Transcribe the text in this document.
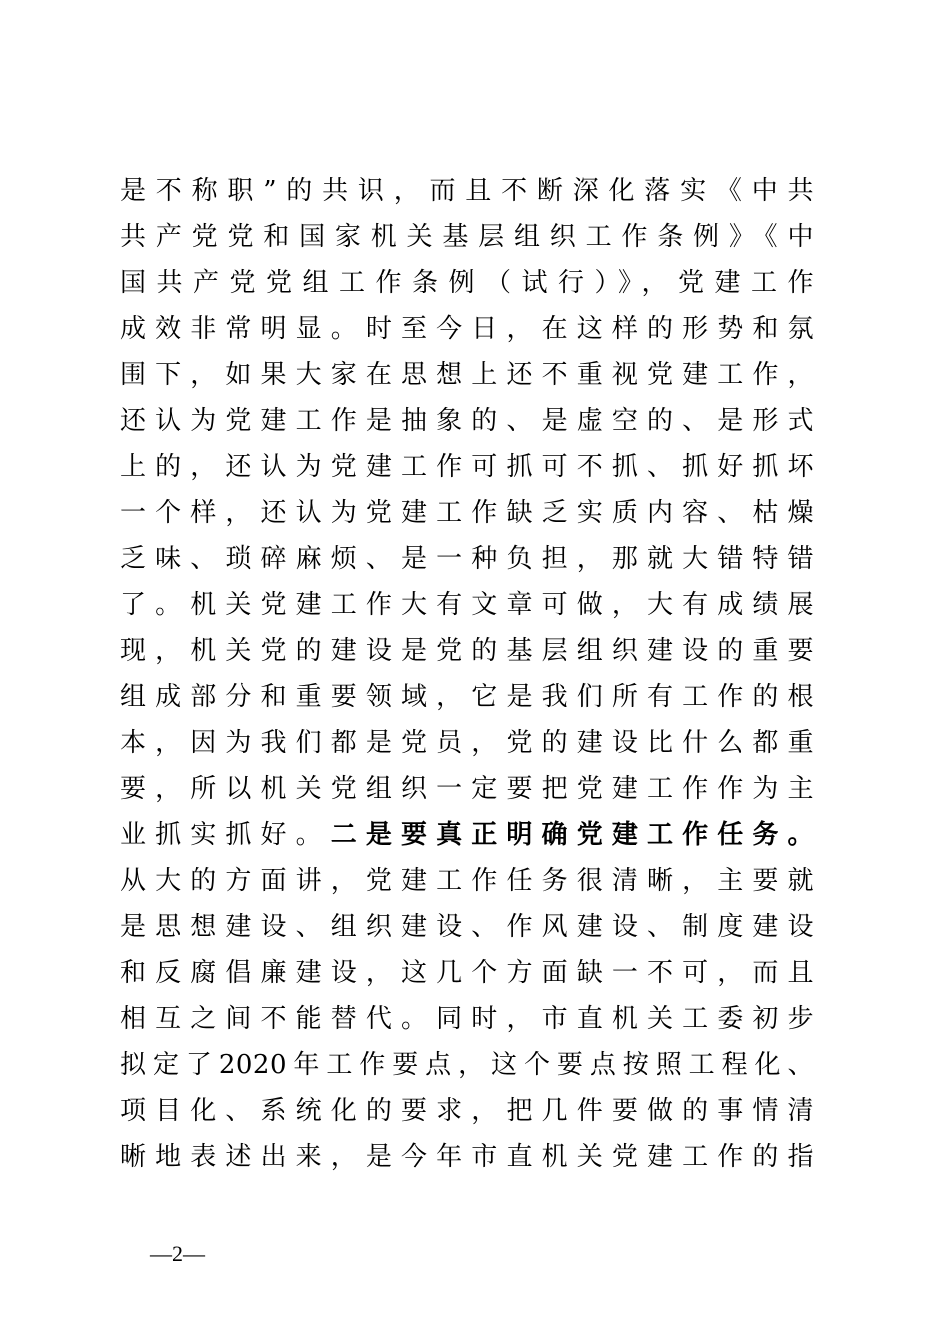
是不称职”的共识，而且不断深化落实《中共
共产党党和国家机关基层组织工作条例》《中
国共产党党组工作条例（试行）》，党建工作
成效非常明显。时至今日，在这样的形势和氛
围下，如果大家在思想上还不重视党建工作，
还认为党建工作是抽象的、是虚空的、是形式
上的，还认为党建工作可抓可不抓、抓好抓坏
一个样，还认为党建工作缺乏实质内容、枯燥
乏味、琐碎麻烦、是一种负担，那就大错特错
了。机关党建工作大有文章可做，大有成绩展
现，机关党的建设是党的基层组织建设的重要
组成部分和重要领域，它是我们所有工作的根
本，因为我们都是党员，党的建设比什么都重
要，所以机关党组织一定要把党建工作作为主
业抓实抓好。二是要真正明确党建工作任务。
从大的方面讲，党建工作任务很清晰，主要就
是思想建设、组织建设、作风建设、制度建设
和反腐倡廉建设，这几个方面缺一不可，而且
相互之间不能替代。同时，市直机关工委初步
拟定了2020年工作要点，这个要点按照工程化、
项目化、系统化的要求，把几件要做的事情清
晰地表述出来，是今年市直机关党建工作的指
—2—
